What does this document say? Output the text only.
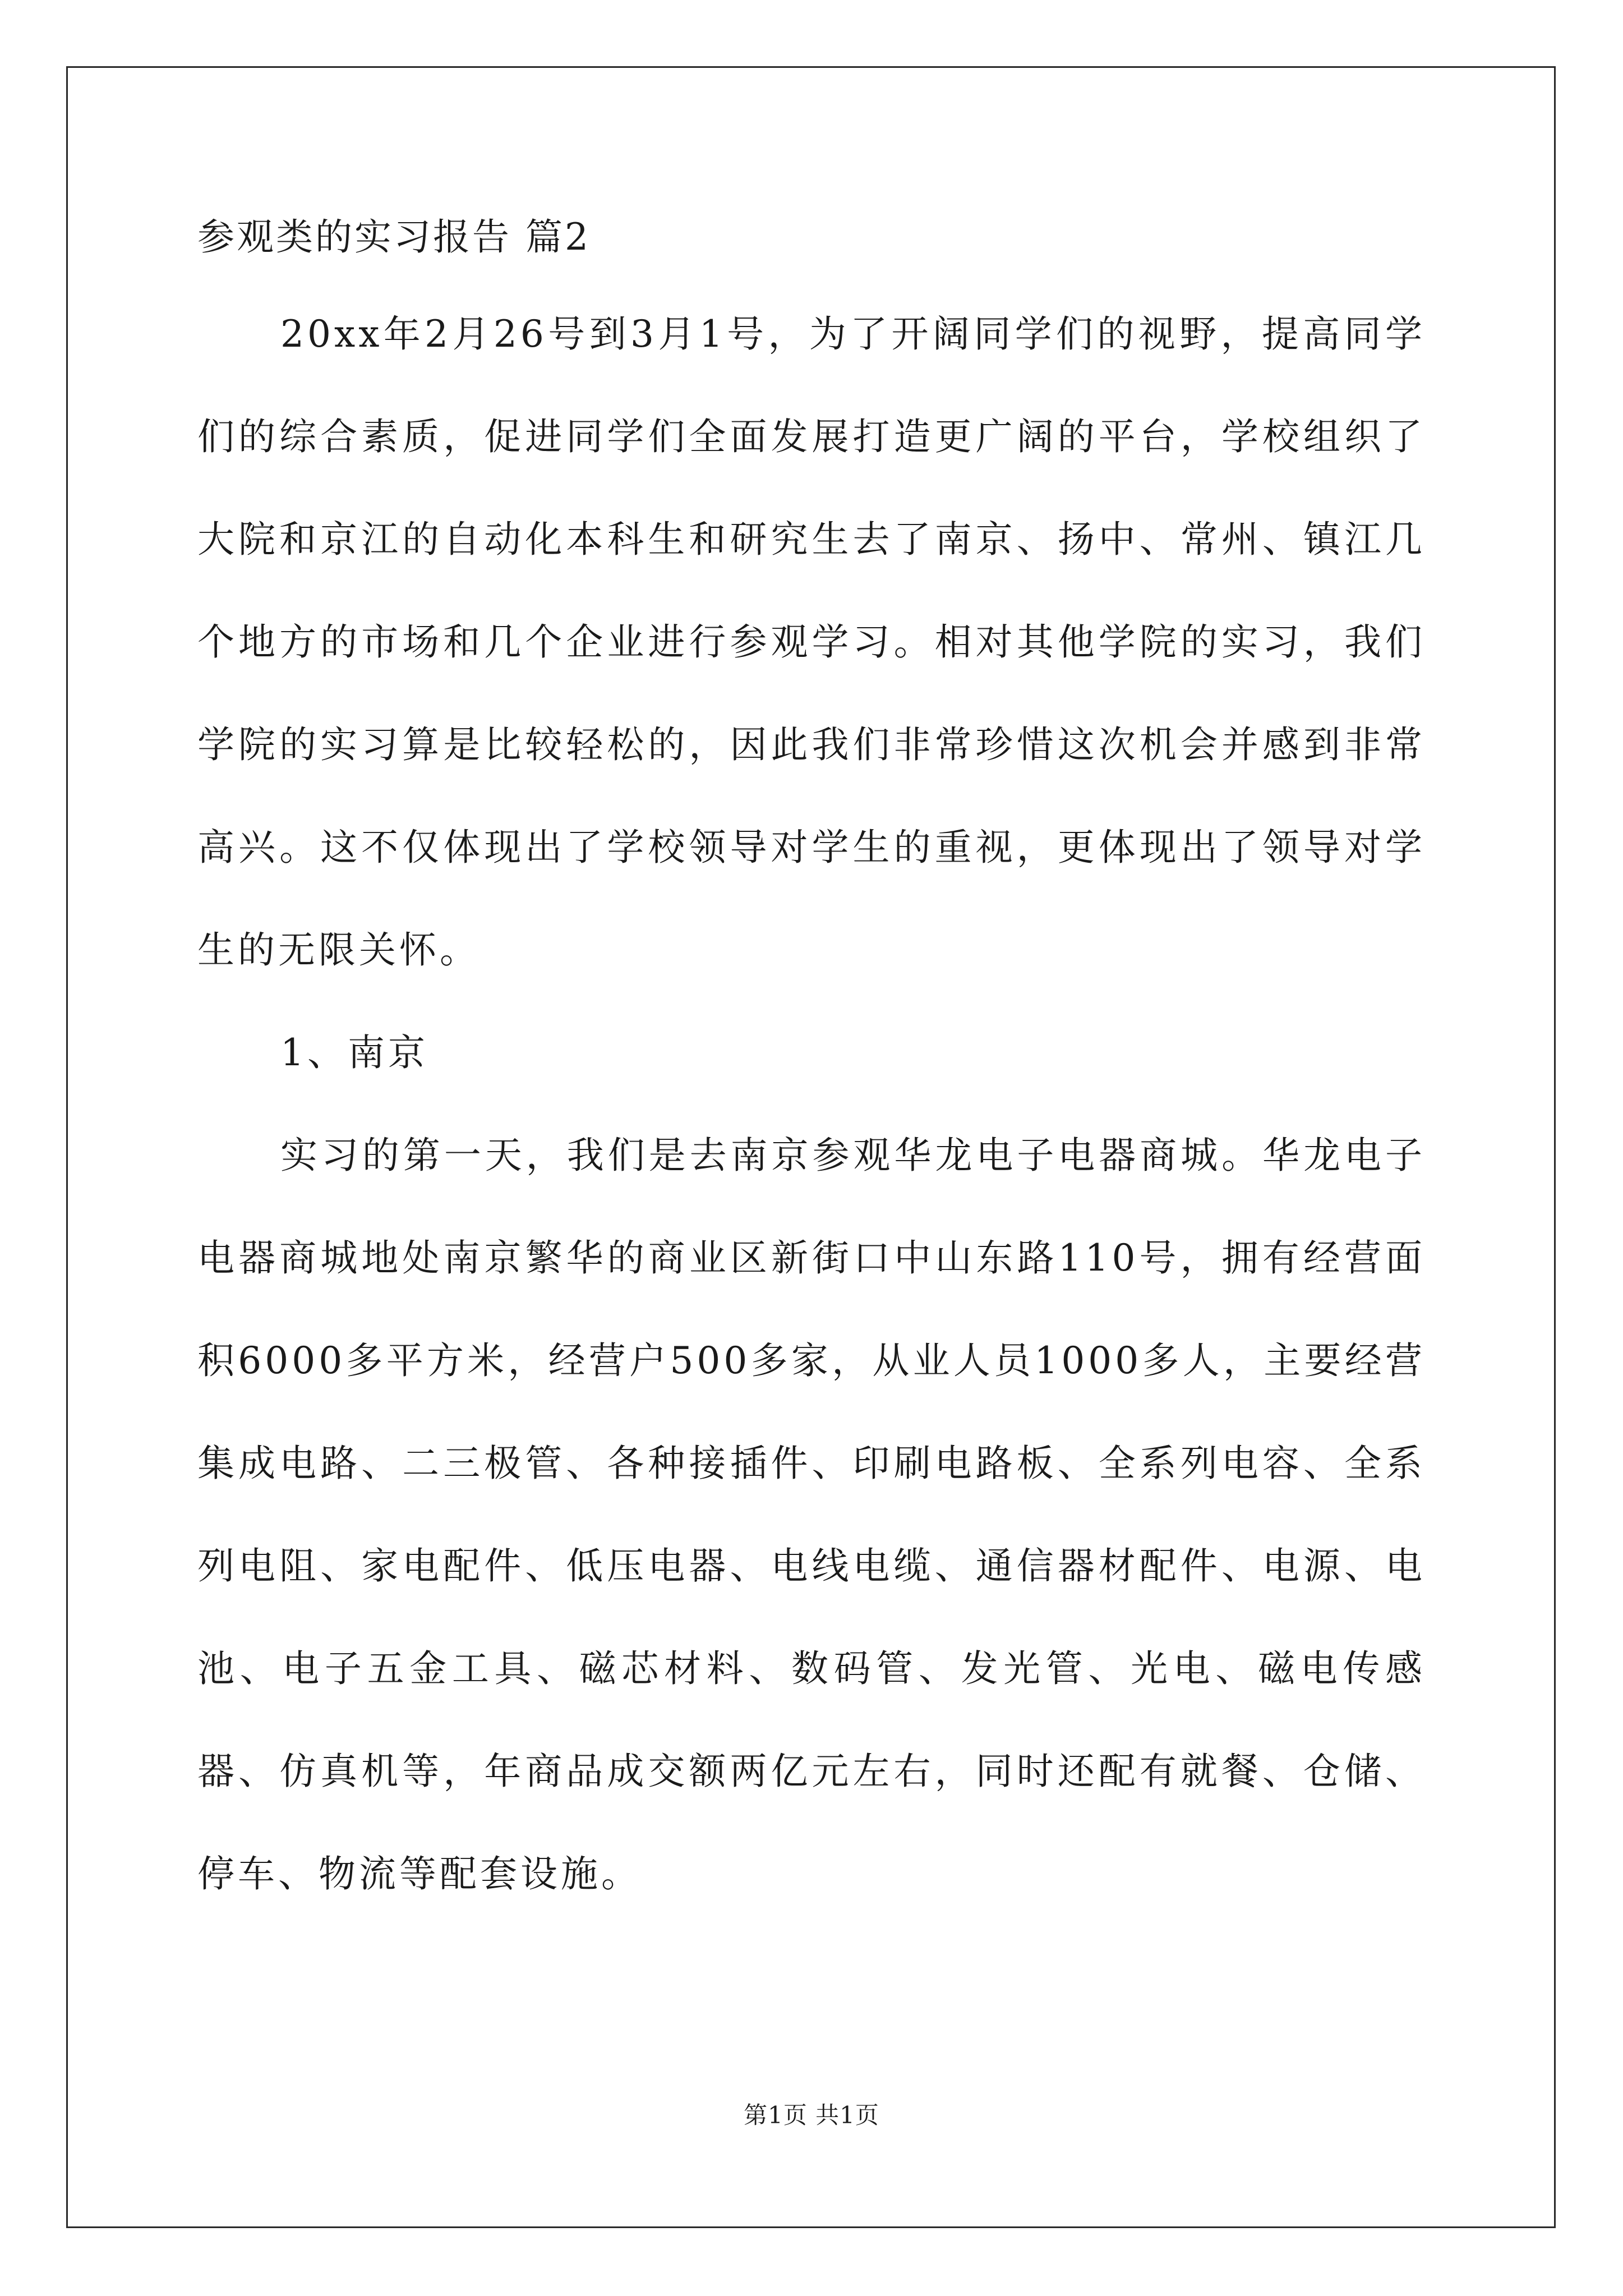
参观类的实习报告 篇2

20xx年2月26号到3月1号，为了开阔同学们的视野，提高同学们的综合素质，促进同学们全面发展打造更广阔的平台，学校组织了大院和京江的自动化本科生和研究生去了南京、扬中、常州、镇江几个地方的市场和几个企业进行参观学习。相对其他学院的实习，我们学院的实习算是比较轻松的，因此我们非常珍惜这次机会并感到非常高兴。这不仅体现出了学校领导对学生的重视，更体现出了领导对学生的无限关怀。

1、南京

实习的第一天，我们是去南京参观华龙电子电器商城。华龙电子电器商城地处南京繁华的商业区新街口中山东路110号，拥有经营面积6000多平方米，经营户500多家，从业人员1000多人，主要经营集成电路、二三极管、各种接插件、印刷电路板、全系列电容、全系列电阻、家电配件、低压电器、电线电缆、通信器材配件、电源、电池、电子五金工具、磁芯材料、数码管、发光管、光电、磁电传感器、仿真机等，年商品成交额两亿元左右，同时还配有就餐、仓储、停车、物流等配套设施。

第1页 共1页
